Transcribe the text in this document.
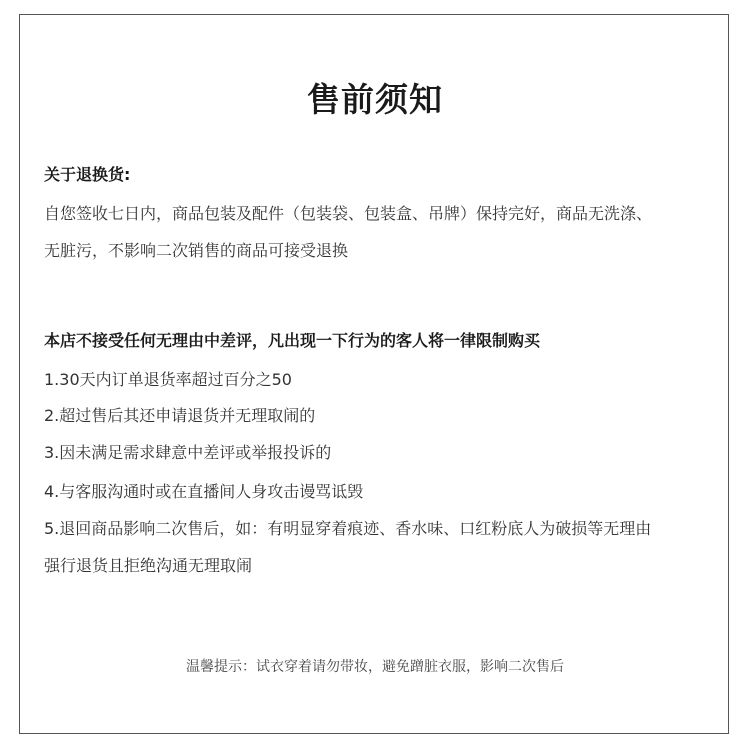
售前须知
关于退换货:
自您签收七日内，商品包装及配件（包装袋、包装盒、吊牌）保持完好，商品无洗涤、
无脏污，不影响二次销售的商品可接受退换
本店不接受任何无理由中差评，凡出现一下行为的客人将一律限制购买
1.30天内订单退货率超过百分之50
2.超过售后其还申请退货并无理取闹的
3.因未满足需求肆意中差评或举报投诉的
4.与客服沟通时或在直播间人身攻击谩骂诋毁
5.退回商品影响二次售后，如：有明显穿着痕迹、香水味、口红粉底人为破损等无理由
强行退货且拒绝沟通无理取闹
温馨提示：试衣穿着请勿带妆，避免蹭脏衣服，影响二次售后
